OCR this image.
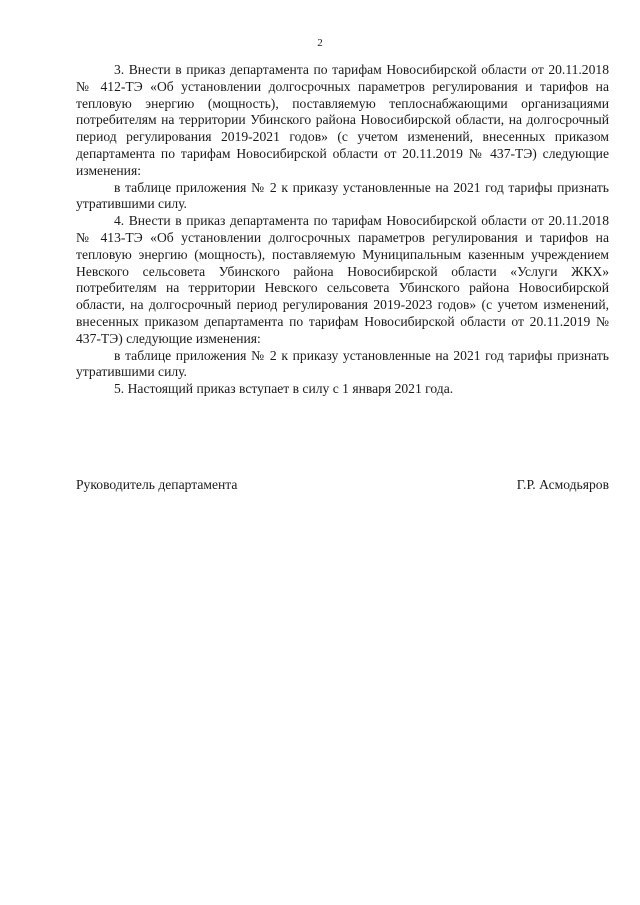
2

3. Внести в приказ департамента по тарифам Новосибирской области от 20.11.2018 № 412-ТЭ «Об установлении долгосрочных параметров регулирования и тарифов на тепловую энергию (мощность), поставляемую теплоснабжающими организациями потребителям на территории Убинского района Новосибирской области, на долгосрочный период регулирования 2019-2021 годов» (с учетом изменений, внесенных приказом департамента по тарифам Новосибирской области от 20.11.2019 № 437-ТЭ) следующие изменения:

в таблице приложения № 2 к приказу установленные на 2021 год тарифы признать утратившими силу.

4. Внести в приказ департамента по тарифам Новосибирской области от 20.11.2018 № 413-ТЭ «Об установлении долгосрочных параметров регулирования и тарифов на тепловую энергию (мощность), поставляемую Муниципальным казенным учреждением Невского сельсовета Убинского района Новосибирской области «Услуги ЖКХ» потребителям на территории Невского сельсовета Убинского района Новосибирской области, на долгосрочный период регулирования 2019-2023 годов» (с учетом изменений, внесенных приказом департамента по тарифам Новосибирской области от 20.11.2019 № 437-ТЭ) следующие изменения:

в таблице приложения № 2 к приказу установленные на 2021 год тарифы признать утратившими силу.

5. Настоящий приказ вступает в силу с 1 января 2021 года.

Руководитель департамента	Г.Р. Асмодьяров
